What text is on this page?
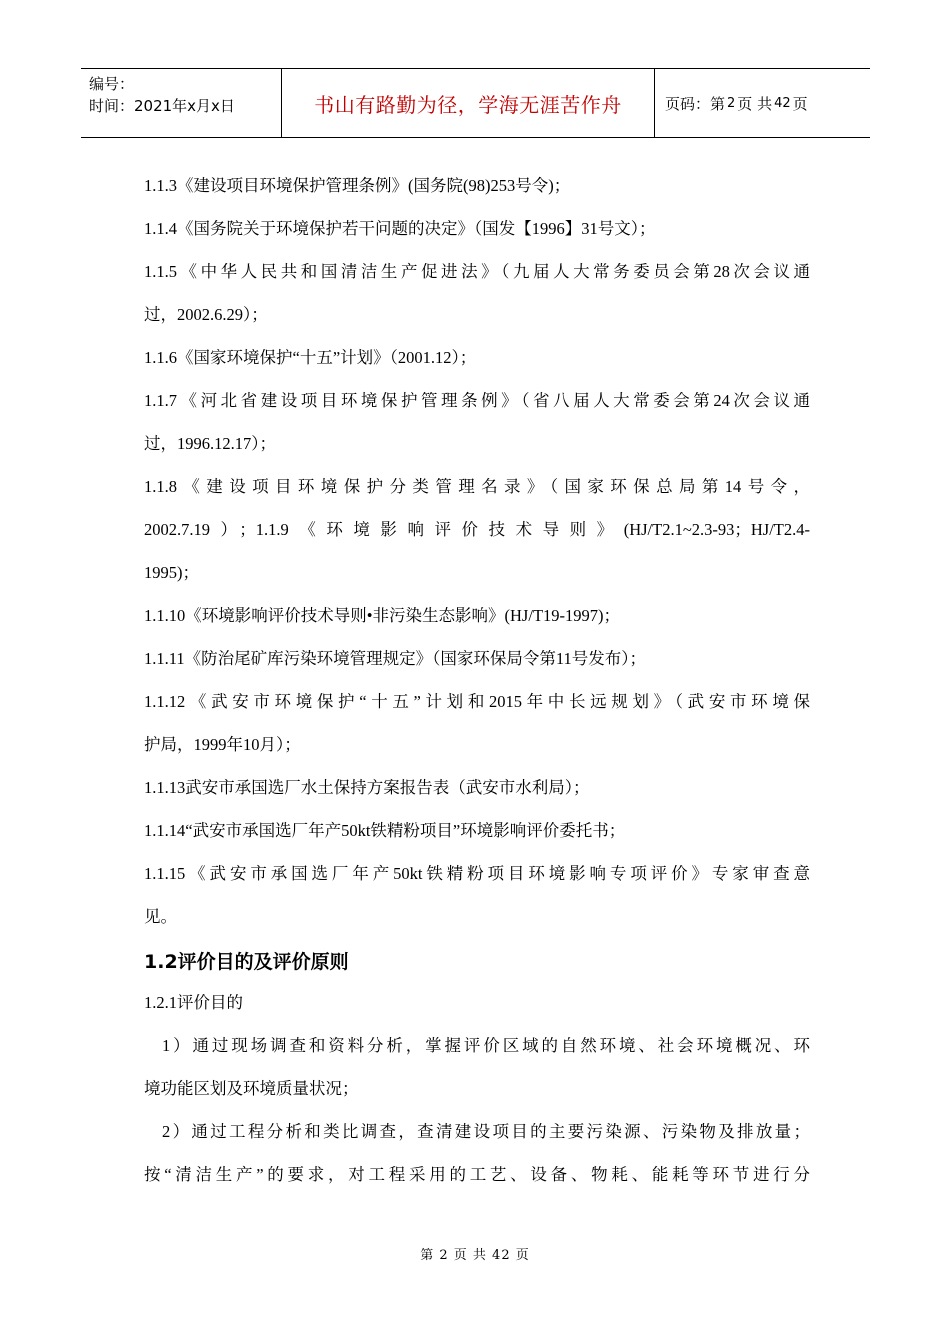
编号：
时间：2021年x月x日	书山有路勤为径，学海无涯苦作舟	页码：第 2 页 共 42 页
1.1.3《建设项目环境保护管理条例》(国务院(98)253号令)；
1.1.4《国务院关于环境保护若干问题的决定》（国发【1996】31号文）；
1.1.5《中华人民共和国清洁生产促进法》（九届人大常务委员会第28次会议通
过，2002.6.29）；
1.1.6《国家环境保护“十五”计划》（2001.12）；
1.1.7《河北省建设项目环境保护管理条例》（省八届人大常委会第24次会议通
过，1996.12.17）；
1.1.8《建设项目环境保护分类管理名录》（国家环保总局第14号令，
2002.7.19）；1.1.9《环境影响评价技术导则》(HJ/T2.1~2.3-93；HJ/T2.4-
1995)；
1.1.10《环境影响评价技术导则•非污染生态影响》(HJ/T19-1997)；
1.1.11《防治尾矿库污染环境管理规定》（国家环保局令第11号发布）；
1.1.12《武安市环境保护“十五”计划和2015年中长远规划》（武安市环境保
护局，1999年10月）；
1.1.13武安市承国选厂水土保持方案报告表（武安市水利局）；
1.1.14“武安市承国选厂年产50kt铁精粉项目”环境影响评价委托书；
1.1.15《武安市承国选厂年产50kt铁精粉项目环境影响专项评价》专家审查意
见。
1.2评价目的及评价原则
1.2.1评价目的
1）通过现场调查和资料分析，掌握评价区域的自然环境、社会环境概况、环
境功能区划及环境质量状况；
2）通过工程分析和类比调查，查清建设项目的主要污染源、污染物及排放量；
按“清洁生产”的要求，对工程采用的工艺、设备、物耗、能耗等环节进行分
第 2 页 共 42 页
